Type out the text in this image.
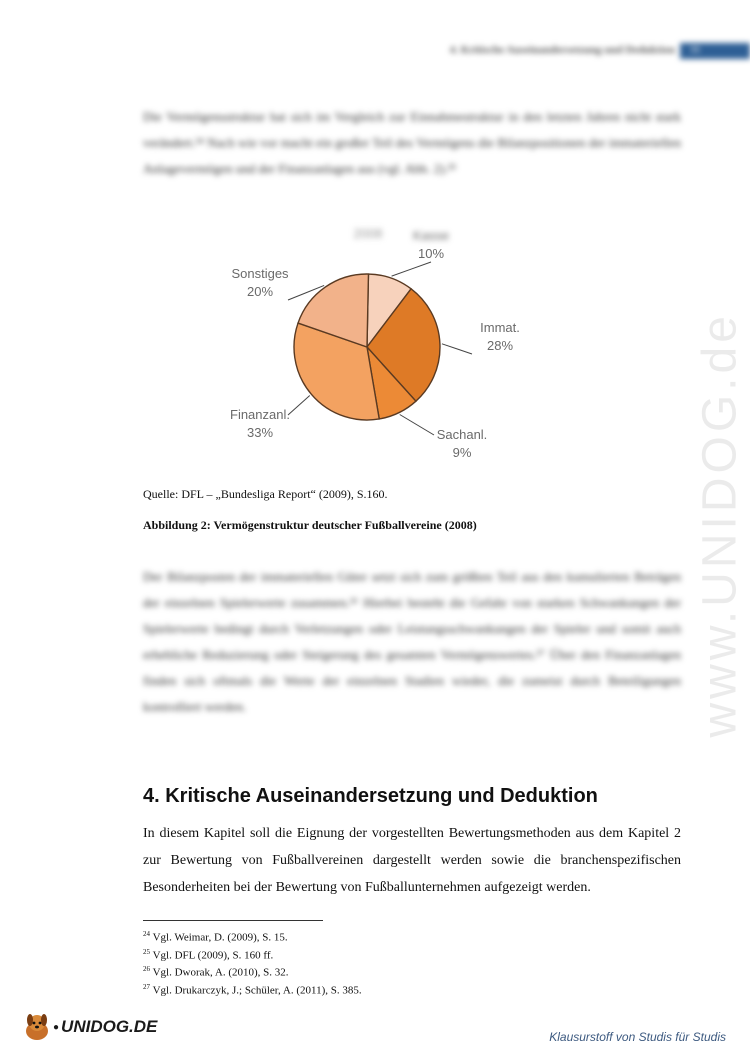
4. Kritische Auseinandersetzung und Deduktion 11
Die Vermögensstruktur hat sich im Vergleich zur Einnahmestruktur in den letzten Jahren nicht stark verändert.²⁴ Nach wie vor macht ein großer Teil des Vermögens die Bilanzpositionen der immateriellen Anlagevermögen und der Finanzanlagen aus (vgl. Abb. 2).²⁵
2008 Kasse
10%
Immat.
28%
Sachanl.
9%
Finanzanl.
33%
Sonstiges
20%
Quelle: DFL – „Bundesliga Report“ (2009), S.160.
Abbildung 2: Vermögenstruktur deutscher Fußballvereine (2008)
Der Bilanzposten der immateriellen Güter setzt sich zum größten Teil aus den kumulierten Beträgen der einzelnen Spielerwerte zusammen.²⁶ Hierbei besteht die Gefahr von starken Schwankungen der Spielerwerte bedingt durch Verletzungen oder Leistungsschwankungen der Spieler und somit auch erhebliche Reduzierung oder Steigerung des gesamten Vermögenswertes.²⁷ Über den Finanzanlagen finden sich oftmals die Werte der einzelnen Stadien wieder, die zumeist durch Beteiligungen kontrolliert werden.
4. Kritische Auseinandersetzung und Deduktion
In diesem Kapitel soll die Eignung der vorgestellten Bewertungsmethoden aus dem Kapitel 2 zur Bewertung von Fußballvereinen dargestellt werden sowie die branchenspezifischen Besonderheiten bei der Bewertung von Fußballunternehmen aufgezeigt werden.
$^{24}$ Vgl. Weimar, D. (2009), S. 15.
$^{25}$ Vgl. DFL (2009), S. 160 ff.
$^{26}$ Vgl. Dworak, A. (2010), S. 32.
$^{27}$ Vgl. Drukarczyk, J.; Schüler, A. (2011), S. 385.
www.UNIDOG.de
● UNIDOG.DE
Klausurstoff von Studis für Studis
